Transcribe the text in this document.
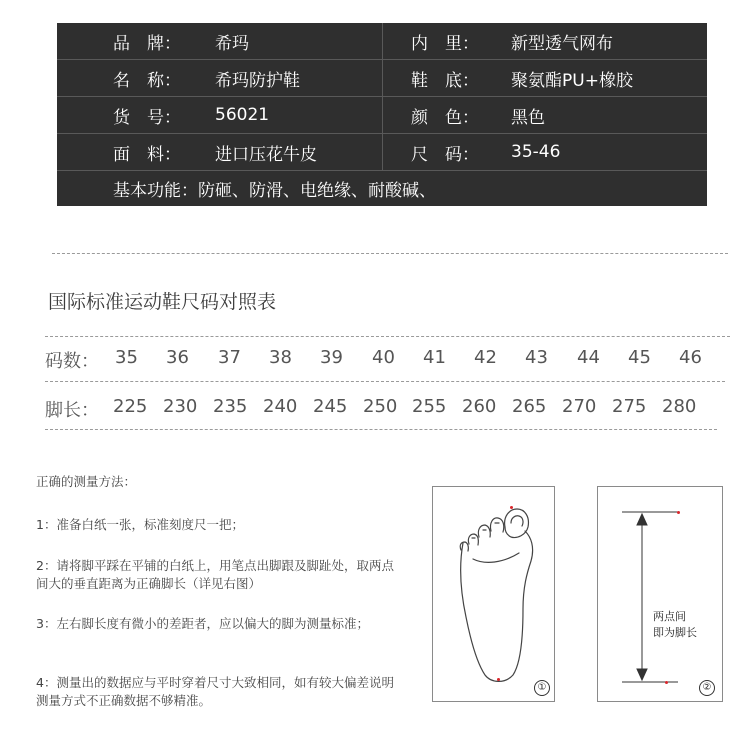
品　牌：	希玛	内　里：	新型透气网布
名　称：	希玛防护鞋	鞋　底：	聚氨酯PU+橡胶
货　号：	56021	颜　色：	黑色
面　料：	进口压花牛皮	尺　码：	35-46
基本功能： 防砸、防滑、电绝缘、耐酸碱、
国际标准运动鞋尺码对照表
码数： 35 36 37 38 39 40 41 42 43 44 45 46
脚长： 225 230 235 240 245 250 255 260 265 270 275 280
正确的测量方法：
1：准备白纸一张，标准刻度尺一把；
2：请将脚平踩在平铺的白纸上，用笔点出脚跟及脚趾处，取两点间大的垂直距离为正确脚长（详见右图）
3：左右脚长度有微小的差距者，应以偏大的脚为测量标准；
4：测量出的数据应与平时穿着尺寸大致相同，如有较大偏差说明测量方式不正确数据不够精准。
①
两点间
即为脚长
②
